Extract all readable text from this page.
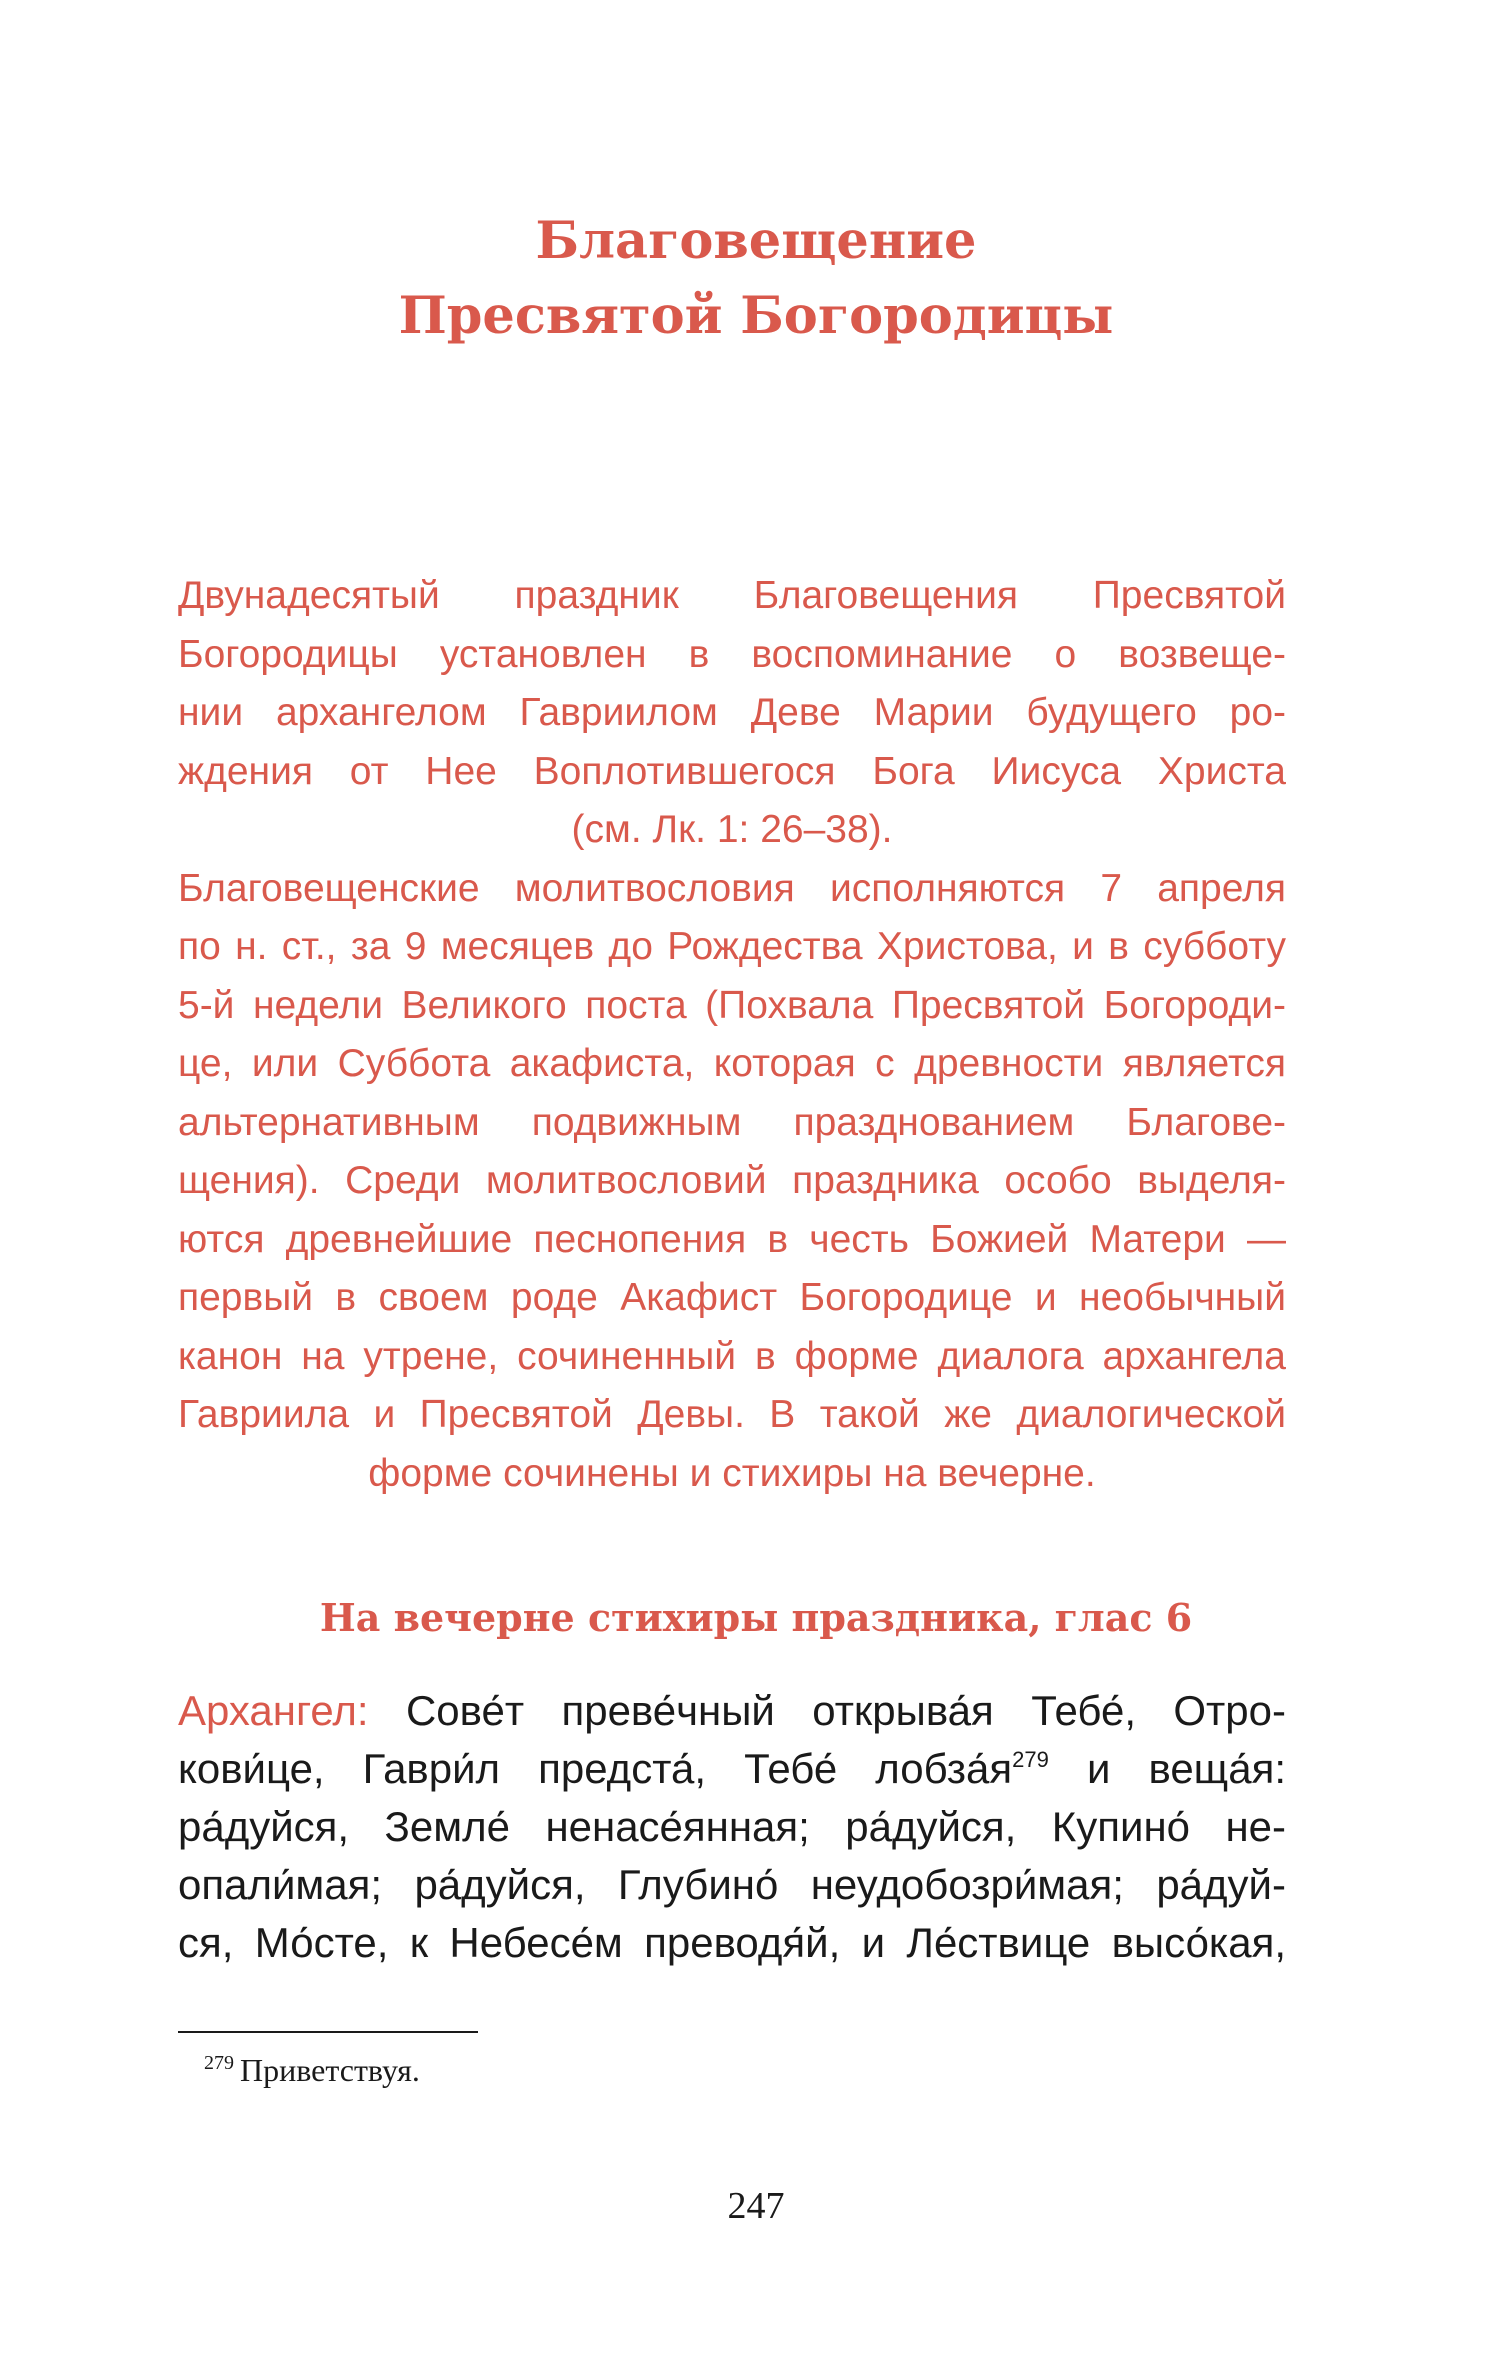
Благовещение
Пресвятой Богородицы
Двунадесятый праздник Благовещения Пресвятой
Богородицы установлен в воспоминание о возвеще-
нии архангелом Гавриилом Деве Марии будущего ро-
ждения от Нее Воплотившегося Бога Иисуса Христа
(см. Лк. 1: 26–38).
Благовещенские молитвословия исполняются 7 апреля
по н. ст., за 9 месяцев до Рождества Христова, и в субботу
5-й недели Великого поста (Похвала Пресвятой Богороди-
це, или Суббота акафиста, которая с древности является
альтернативным подвижным празднованием Благове-
щения). Среди молитвословий праздника особо выделя-
ются древнейшие песнопения в честь Божией Матери —
первый в своем роде Акафист Богородице и необычный
канон на утрене, сочиненный в форме диалога архангела
Гавриила и Пресвятой Девы. В такой же диалогической
форме сочинены и стихиры на вечерне.
На вечерне стихиры праздника, глас 6
Архангел: Сове́т преве́чный открыва́я Тебе́, Отро-
кови́це, Гаври́л предста́, Тебе́ $лобза́я^{279}$ и веща́я:
ра́дуйся, Земле́ ненасе́янная; ра́дуйся, Купино́ не-
опали́мая; ра́дуйся, Глубино́ неудобозри́мая; ра́дуй-
ся, Мо́сте, к Небесе́м преводя́й, и Ле́ствице высо́кая,
$^{279}$ Приветствуя.
247
